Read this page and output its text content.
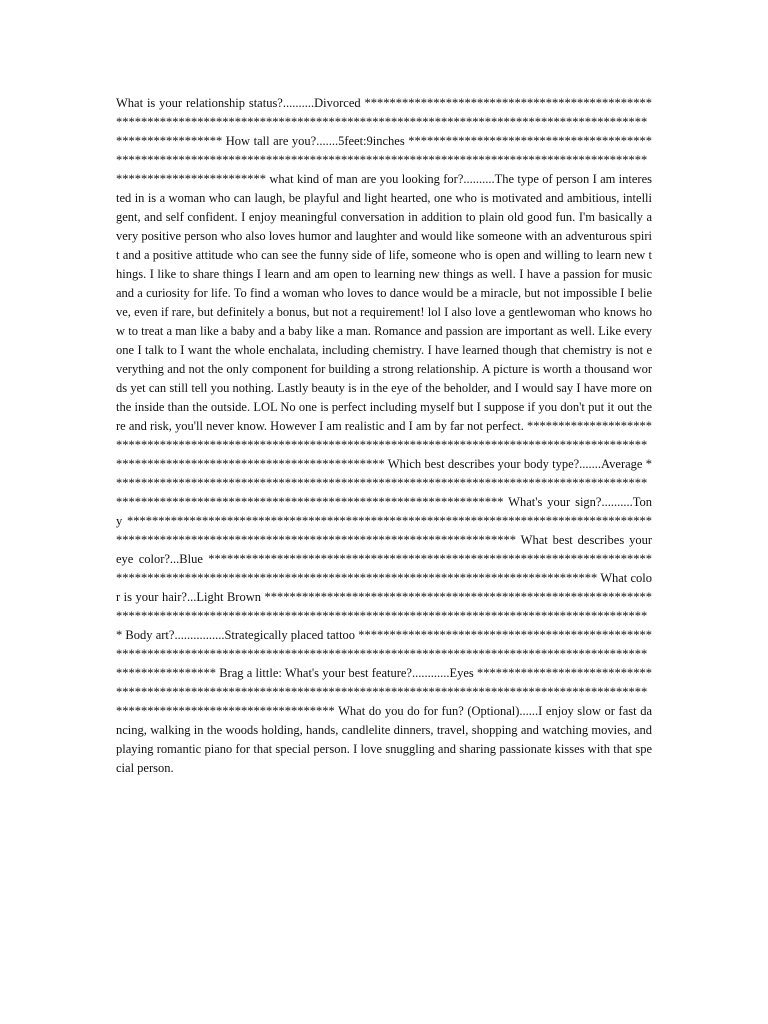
What is your relationship status?..........Divorced **************************************************************************************************************************************************** How tall are you?.......5feet:9inches **************************************************************************************************************************************************** what kind of man are you looking for?..........The type of person I am interested in is a woman who can laugh, be playful and light hearted, one who is motivated and ambitious, intelligent, and self confident. I enjoy meaningful conversation in addition to plain old good fun. I'm basically a very positive person who also loves humor and laughter and would like someone with an adventurous spirit and a positive attitude who can see the funny side of life, someone who is open and willing to learn new things. I like to share things I learn and am open to learning new things as well. I have a passion for music and a curiosity for life. To find a woman who loves to dance would be a miracle, but not impossible I believe, even if rare, but definitely a bonus, but not a requirement! lol I also love a gentlewoman who knows how to treat a man like a baby and a baby like a man. Romance and passion are important as well. Like everyone I talk to I want the whole enchalata, including chemistry. I have learned though that chemistry is not everything and not the only component for building a strong relationship. A picture is worth a thousand words yet can still tell you nothing. Lastly beauty is in the eye of the beholder, and I would say I have more on the inside than the outside. LOL No one is perfect including myself but I suppose if you don't put it out there and risk, you'll never know. However I am realistic and I am by far not perfect. **************************************************************************************************************************************************** Which best describes your body type?.......Average **************************************************************************************************************************************************** What's your sign?..........Tony **************************************************************************************************************************************************** What best describes your eye color?...Blue **************************************************************************************************************************************************** What color is your hair?...Light Brown **************************************************************************************************************************************************** Body art?................Strategically placed tattoo **************************************************************************************************************************************************** Brag a little: What's your best feature?............Eyes **************************************************************************************************************************************************** What do you do for fun? (Optional)......I enjoy slow or fast dancing, walking in the woods holding, hands, candlelite dinners, travel, shopping and watching movies, and playing romantic piano for that special person. I love snuggling and sharing passionate kisses with that special person.
